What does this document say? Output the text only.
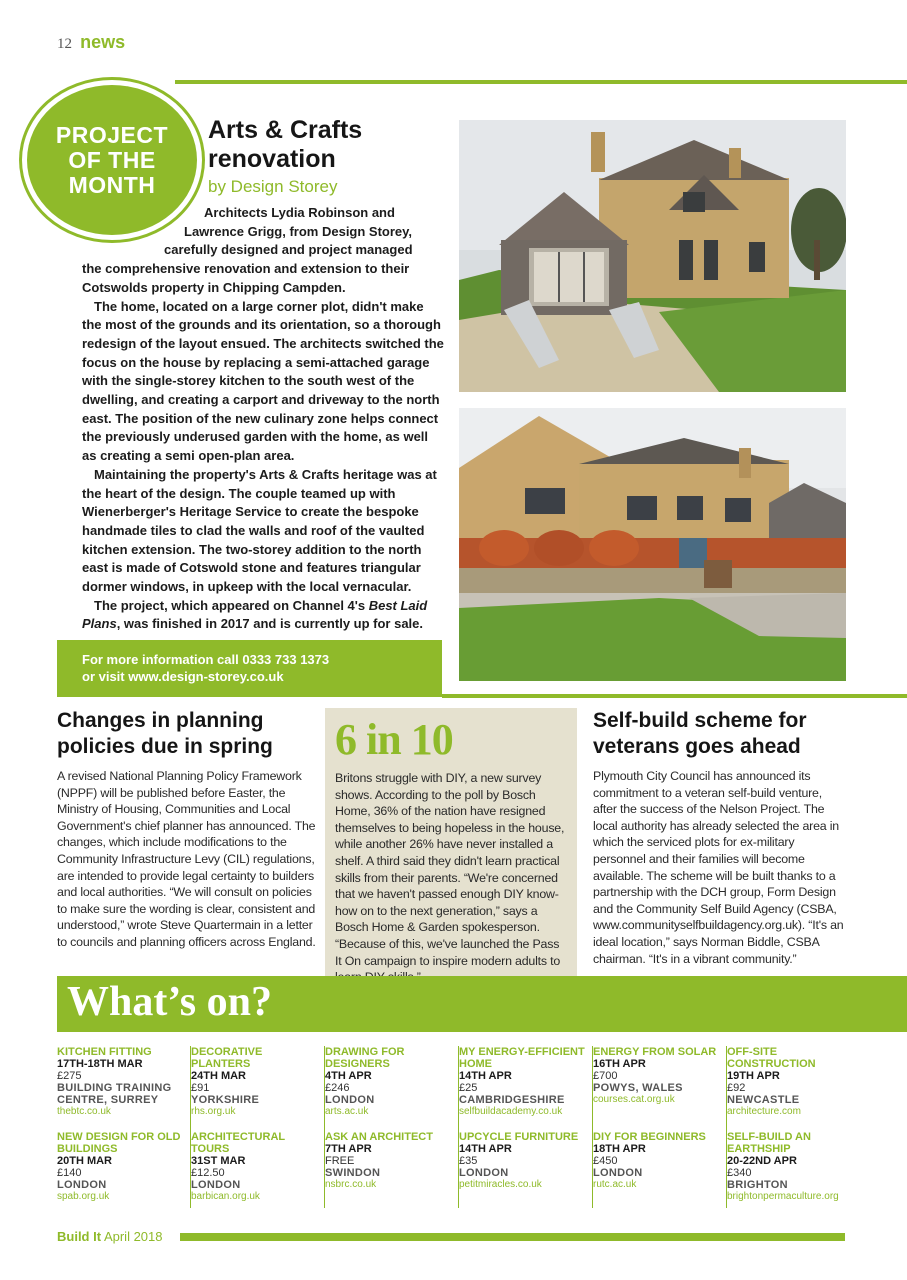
12 news
PROJECT
OF THE
MONTH
Arts & Crafts
renovation
by Design Storey

Architects Lydia Robinson and
Lawrence Grigg, from Design Storey,
carefully designed and project managed
the comprehensive renovation and extension to their Cotswolds property in Chipping Campden.

The home, located on a large corner plot, didn't make the most of the grounds and its orientation, so a thorough redesign of the layout ensued. The architects switched the focus on the house by replacing a semi-attached garage with the single-storey kitchen to the south west of the dwelling, and creating a carport and driveway to the north east. The position of the new culinary zone helps connect the previously underused garden with the home, as well as creating a semi open-plan area.

Maintaining the property's Arts & Crafts heritage was at the heart of the design. The couple teamed up with Wienerberger's Heritage Service to create the bespoke handmade tiles to clad the walls and roof of the vaulted kitchen extension. The two-storey addition to the north east is made of Cotswold stone and features triangular dormer windows, in upkeep with the local vernacular.

The project, which appeared on Channel 4's Best Laid Plans, was finished in 2017 and is currently up for sale.

For more information call 0333 733 1373
or visit www.design-storey.co.uk
Changes in planning policies due in spring

A revised National Planning Policy Framework (NPPF) will be published before Easter, the Ministry of Housing, Communities and Local Government's chief planner has announced. The changes, which include modifications to the Community Infrastructure Levy (CIL) regulations, are intended to provide legal certainty to builders and local authorities. “We will consult on policies to make sure the wording is clear, consistent and understood,” wrote Steve Quartermain in a letter to councils and planning officers across England.

6 in 10

Britons struggle with DIY, a new survey shows. According to the poll by Bosch Home, 36% of the nation have resigned themselves to being hopeless in the house, while another 26% have never installed a shelf. A third said they didn't learn practical skills from their parents. “We're concerned that we haven't passed enough DIY know-how on to the next generation,” says a Bosch Home & Garden spokesperson. “Because of this, we've launched the Pass It On campaign to inspire modern adults to

Self-build scheme for veterans goes ahead

Plymouth City Council has announced its commitment to a veteran self-build venture, after the success of the Nelson Project. The local authority has already selected the area in which the serviced plots for ex-military personnel and their families will become available. The scheme will be built thanks to a partnership with the DCH group, Form Design and the Community Self Build Agency (CSBA, www.communityselfbuildagency.org.uk). “It's an ideal location,” says Norman Biddle, CSBA chairman. “It's in a vibrant community.”

What’s on?
KITCHEN FITTING
17TH-18TH MAR
£275
BUILDING TRAINING CENTRE, SURREY
thebtc.co.uk
DECORATIVE PLANTERS
24TH MAR
£91
YORKSHIRE
rhs.org.uk
DRAWING FOR DESIGNERS
4TH APR
£246
LONDON
arts.ac.uk
MY ENERGY-EFFICIENT HOME
14TH APR
£25
CAMBRIDGESHIRE
selfbuildacademy.co.uk
ENERGY FROM SOLAR
16TH APR
£700
POWYS, WALES
courses.cat.org.uk
OFF-SITE CONSTRUCTION
19TH APR
£92
NEWCASTLE
architecture.com
NEW DESIGN FOR OLD BUILDINGS
20TH MAR
£140
LONDON
spab.org.uk
ARCHITECTURAL TOURS
31ST MAR
£12.50
LONDON
barbican.org.uk
ASK AN ARCHITECT
7TH APR
FREE
SWINDON
nsbrc.co.uk
UPCYCLE FURNITURE
14TH APR
£35
LONDON
petitmiracles.co.uk
DIY FOR BEGINNERS
18TH APR
£450
LONDON
rutc.ac.uk
SELF-BUILD AN EARTHSHIP
20-22ND APR
£340
BRIGHTON
brightonpermaculture.org
Build It April 2018
